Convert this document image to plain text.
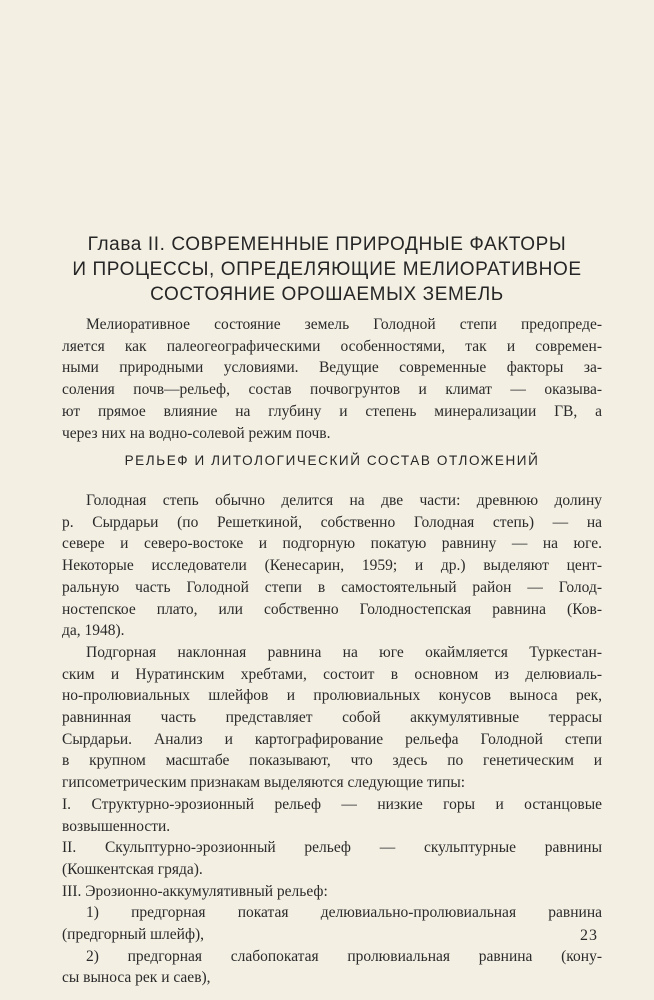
Глава II. СОВРЕМЕННЫЕ ПРИРОДНЫЕ ФАКТОРЫ
И ПРОЦЕССЫ, ОПРЕДЕЛЯЮЩИЕ МЕЛИОРАТИВНОЕ
СОСТОЯНИЕ ОРОШАЕМЫХ ЗЕМЕЛЬ
Мелиоративное состояние земель Голодной степи предопреде-
ляется как палеогеографическими особенностями, так и современ-
ными природными условиями. Ведущие современные факторы за-
соления почв—рельеф, состав почвогрунтов и климат — оказыва-
ют прямое влияние на глубину и степень минерализации ГВ, а
через них на водно-солевой режим почв.
РЕЛЬЕФ И ЛИТОЛОГИЧЕСКИЙ СОСТАВ ОТЛОЖЕНИЙ
Голодная степь обычно делится на две части: древнюю долину
р. Сырдарьи (по Решеткиной, собственно Голодная степь) — на
севере и северо-востоке и подгорную покатую равнину — на юге.
Некоторые исследователи (Кенесарин, 1959; и др.) выделяют цент-
ральную часть Голодной степи в самостоятельный район — Голод-
ностепское плато, или собственно Голодностепская равнина (Ков-
да, 1948).
Подгорная наклонная равнина на юге окаймляется Туркестан-
ским и Нуратинским хребтами, состоит в основном из делювиаль-
но-пролювиальных шлейфов и пролювиальных конусов выноса рек,
равнинная часть представляет собой аккумулятивные террасы
Сырдарьи. Анализ и картографирование рельефа Голодной степи
в крупном масштабе показывают, что здесь по генетическим и
гипсометрическим признакам выделяются следующие типы:
I. Структурно-эрозионный рельеф — низкие горы и останцовые
возвышенности.
II. Скульптурно-эрозионный рельеф — скульптурные равнины
(Кошкентская гряда).
III. Эрозионно-аккумулятивный рельеф:
1) предгорная покатая делювиально-пролювиальная равнина
(предгорный шлейф),
2) предгорная слабопокатая пролювиальная равнина (кону-
сы выноса рек и саев),
23
